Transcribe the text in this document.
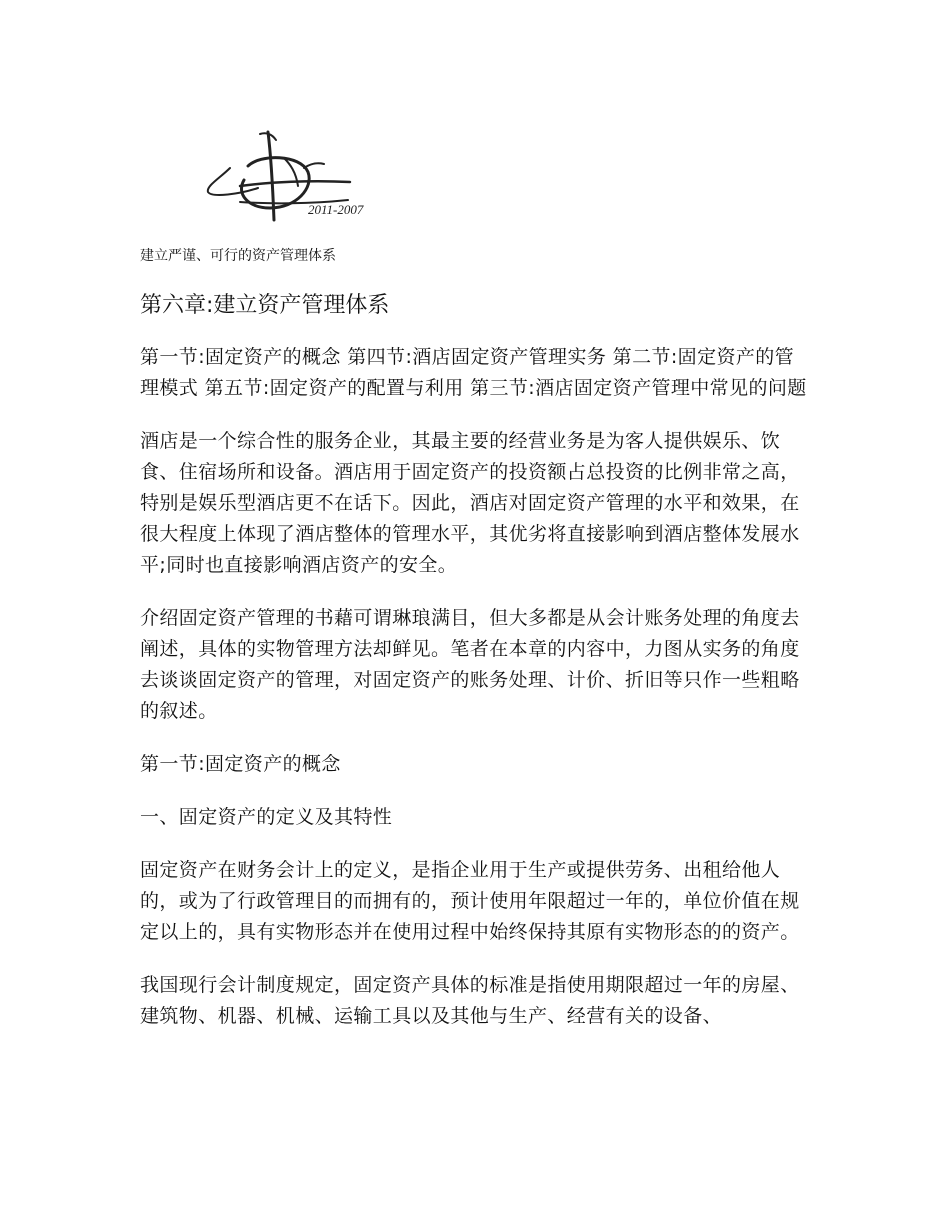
2011-2007

建立严谨、可行的资产管理体系

第六章:建立资产管理体系

第一节:固定资产的概念 第四节:酒店固定资产管理实务 第二节:固定资产的管理模式 第五节:固定资产的配置与利用 第三节:酒店固定资产管理中常见的问题

酒店是一个综合性的服务企业，其最主要的经营业务是为客人提供娱乐、饮食、住宿场所和设备。酒店用于固定资产的投资额占总投资的比例非常之高，特别是娱乐型酒店更不在话下。因此，酒店对固定资产管理的水平和效果，在很大程度上体现了酒店整体的管理水平，其优劣将直接影响到酒店整体发展水平;同时也直接影响酒店资产的安全。

介绍固定资产管理的书藉可谓琳琅满目，但大多都是从会计账务处理的角度去阐述，具体的实物管理方法却鲜见。笔者在本章的内容中，力图从实务的角度去谈谈固定资产的管理，对固定资产的账务处理、计价、折旧等只作一些粗略的叙述。

第一节:固定资产的概念

一、固定资产的定义及其特性

固定资产在财务会计上的定义，是指企业用于生产或提供劳务、出租给他人的，或为了行政管理目的而拥有的，预计使用年限超过一年的，单位价值在规定以上的，具有实物形态并在使用过程中始终保持其原有实物形态的的资产。

我国现行会计制度规定，固定资产具体的标准是指使用期限超过一年的房屋、建筑物、机器、机械、运输工具以及其他与生产、经营有关的设备、
